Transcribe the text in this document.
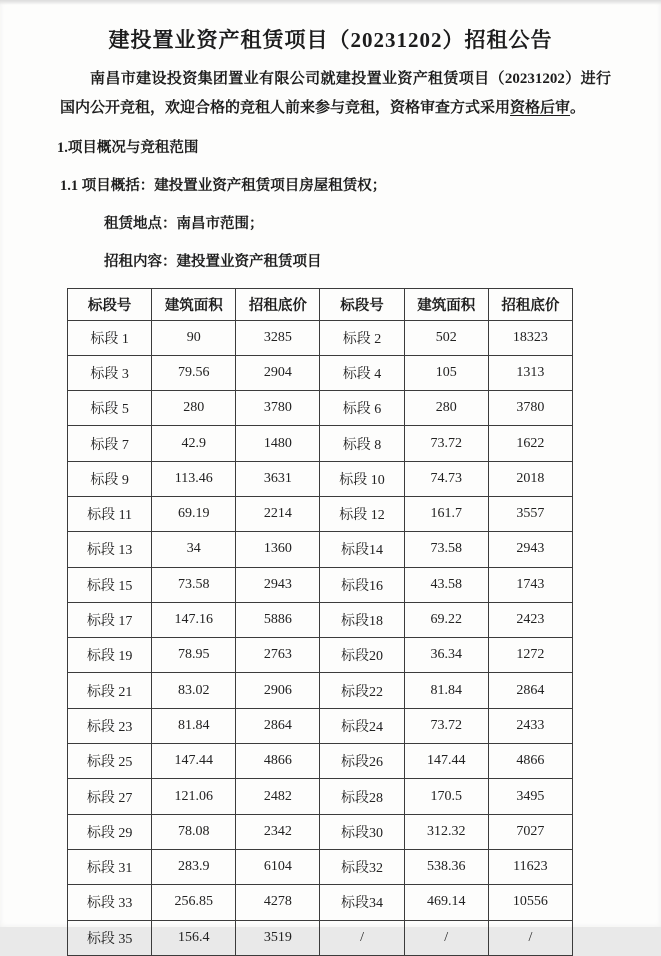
建投置业资产租赁项目（20231202）招租公告

南昌市建设投资集团置业有限公司就建投置业资产租赁项目（20231202）进行国内公开竞租，欢迎合格的竞租人前来参与竞租，资格审查方式采用资格后审。

1.项目概况与竞租范围

1.1 项目概括：建投置业资产租赁项目房屋租赁权；

租赁地点：南昌市范围；

招租内容：建投置业资产租赁项目

标段号	建筑面积	招租底价	标段号	建筑面积	招租底价
标段 1	90	3285	标段 2	502	18323
标段 3	79.56	2904	标段 4	105	1313
标段 5	280	3780	标段 6	280	3780
标段 7	42.9	1480	标段 8	73.72	1622
标段 9	113.46	3631	标段 10	74.73	2018
标段 11	69.19	2214	标段 12	161.7	3557
标段 13	34	1360	标段14	73.58	2943
标段 15	73.58	2943	标段16	43.58	1743
标段 17	147.16	5886	标段18	69.22	2423
标段 19	78.95	2763	标段20	36.34	1272
标段 21	83.02	2906	标段22	81.84	2864
标段 23	81.84	2864	标段24	73.72	2433
标段 25	147.44	4866	标段26	147.44	4866
标段 27	121.06	2482	标段28	170.5	3495
标段 29	78.08	2342	标段30	312.32	7027
标段 31	283.9	6104	标段32	538.36	11623
标段 33	256.85	4278	标段34	469.14	10556
标段 35	156.4	3519	/	/	/
